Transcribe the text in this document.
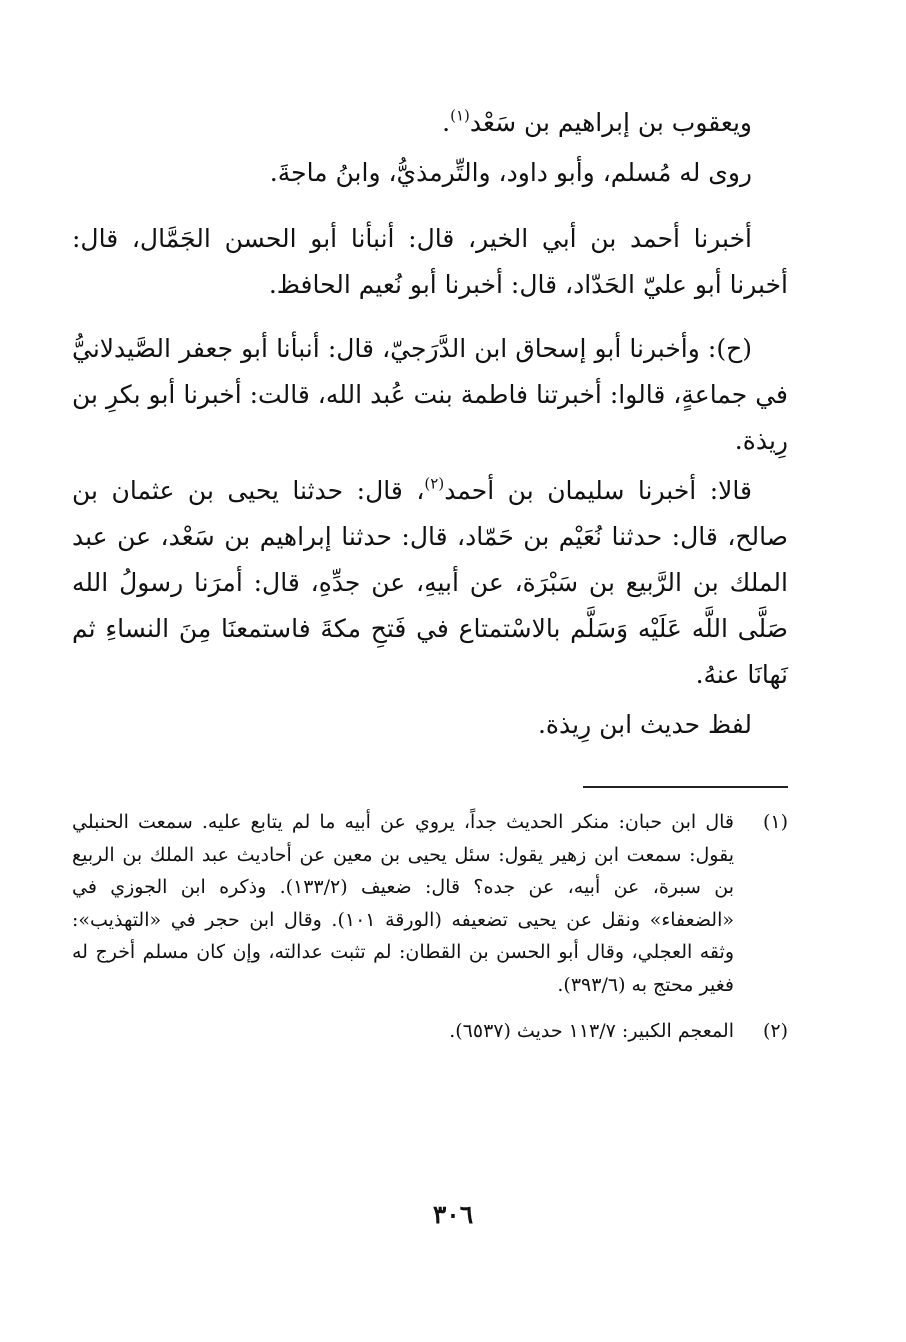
ويعقوب بن إبراهيم بن سَعْد$^{(١)}$.

روى له مُسلم، وأبو داود، والتِّرمذيُّ، وابنُ ماجةَ.

أخبرنا أحمد بن أبي الخير، قال: أنبأنا أبو الحسن الجَمَّال، قال: أخبرنا أبو عليّ الحَدّاد، قال: أخبرنا أبو نُعيم الحافظ.

(ح): وأخبرنا أبو إسحاق ابن الدَّرَجيّ، قال: أنبأنا أبو جعفر الصَّيدلانيُّ في جماعةٍ، قالوا: أخبرتنا فاطمة بنت عُبد الله، قالت: أخبرنا أبو بكرِ بن رِيذة.

قالا: أخبرنا سليمان بن أحمد$^{(٢)}$، قال: حدثنا يحيى بن عثمان بن صالح، قال: حدثنا نُعَيْم بن حَمّاد، قال: حدثنا إبراهيم بن سَعْد، عن عبد الملك بن الرَّبيع بن سَبْرَة، عن أبيهِ، عن جدِّهِ، قال: أمرَنا رسولُ الله صَلَّى اللَّه عَلَيْه وَسَلَّم بالاسْتمتاع في فَتحِ مكةَ فاستمعنَا مِنَ النساءِ ثم نَهانَا عنهُ.

لفظ حديث ابن رِيذة.

(١)

قال ابن حبان: منكر الحديث جداً، يروي عن أبيه ما لم يتابع عليه. سمعت الحنبلي يقول: سمعت ابن زهير يقول: سئل يحيى بن معين عن أحاديث عبد الملك بن الربيع بن سبرة، عن أبيه، عن جده؟ قال: ضعيف (١٣٣/٢). وذكره ابن الجوزي في «الضعفاء» ونقل عن يحيى تضعيفه (الورقة ١٠١). وقال ابن حجر في «التهذيب»: وثقه العجلي، وقال أبو الحسن بن القطان: لم تثبت عدالته، وإن كان مسلم أخرج له فغير محتج به (٣٩٣/٦).

(٢)

المعجم الكبير: ١١٣/٧ حديث (٦٥٣٧).

٣٠٦
